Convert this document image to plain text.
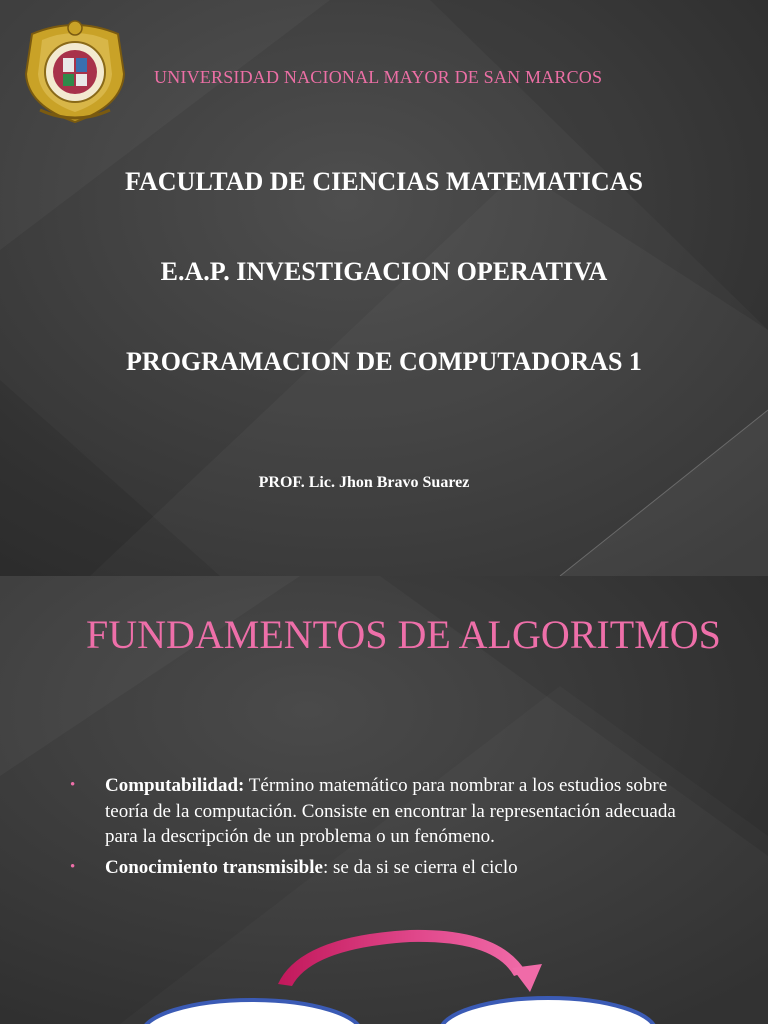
UNIVERSIDAD NACIONAL MAYOR DE SAN MARCOS
FACULTAD DE CIENCIAS MATEMATICAS
E.A.P. INVESTIGACION OPERATIVA
PROGRAMACION DE COMPUTADORAS 1
PROF. Lic. Jhon Bravo Suarez
FUNDAMENTOS DE ALGORITMOS
• Computabilidad: Término matemático para nombrar a los estudios sobre teoría de la computación. Consiste en encontrar la representación adecuada para la descripción de un problema o un fenómeno.
• Conocimiento transmisible: se da si se cierra el ciclo
